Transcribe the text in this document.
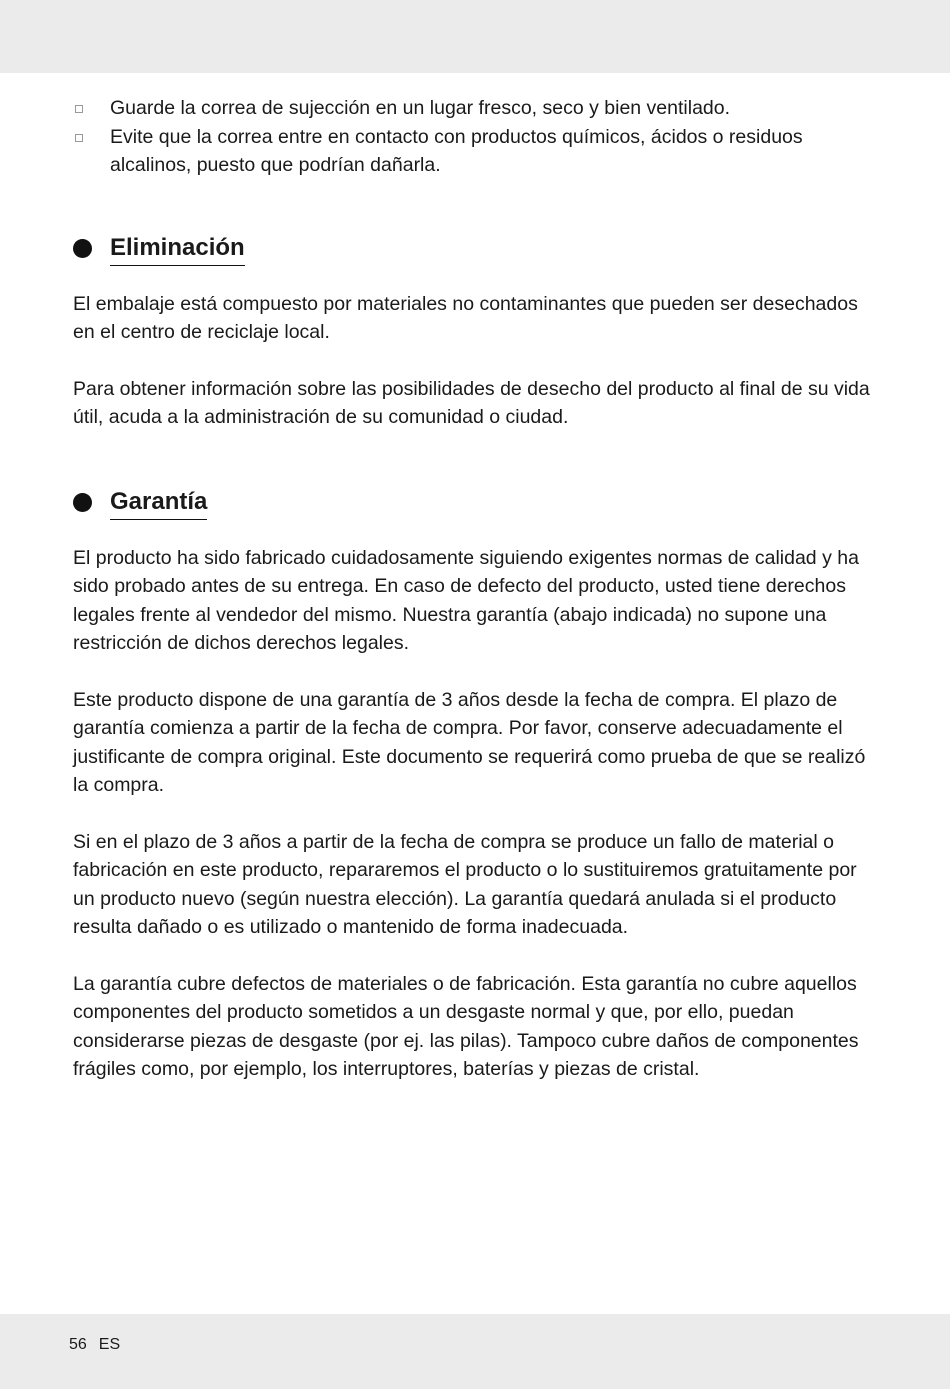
Guarde la correa de sujección en un lugar fresco, seco y bien ventilado.
Evite que la correa entre en contacto con productos químicos, ácidos o residuos alcalinos, puesto que podrían dañarla.
Eliminación

El embalaje está compuesto por materiales no contaminantes que pueden ser desechados en el centro de reciclaje local.

Para obtener información sobre las posibilidades de desecho del producto al final de su vida útil, acuda a la administración de su comunidad o ciudad.

Garantía

El producto ha sido fabricado cuidadosamente siguiendo exigentes normas de calidad y ha sido probado antes de su entrega. En caso de defecto del producto, usted tiene derechos legales frente al vendedor del mismo. Nuestra garantía (abajo indicada) no supone una restricción de dichos derechos legales.

Este producto dispone de una garantía de 3 años desde la fecha de compra. El plazo de garantía comienza a partir de la fecha de compra. Por favor, conserve adecuadamente el justificante de compra original. Este documento se requerirá como prueba de que se realizó la compra.

Si en el plazo de 3 años a partir de la fecha de compra se produce un fallo de material o fabricación en este producto, repararemos el producto o lo sustituiremos gratuitamente por un producto nuevo (según nuestra elección). La garantía quedará anulada si el producto resulta dañado o es utilizado o mantenido de forma inadecuada.

La garantía cubre defectos de materiales o de fabricación. Esta garantía no cubre aquellos componentes del producto sometidos a un desgaste normal y que, por ello, puedan considerarse piezas de desgaste (por ej. las pilas). Tampoco cubre daños de componentes frágiles como, por ejemplo, los interruptores, baterías y piezas de cristal.

56 ES
